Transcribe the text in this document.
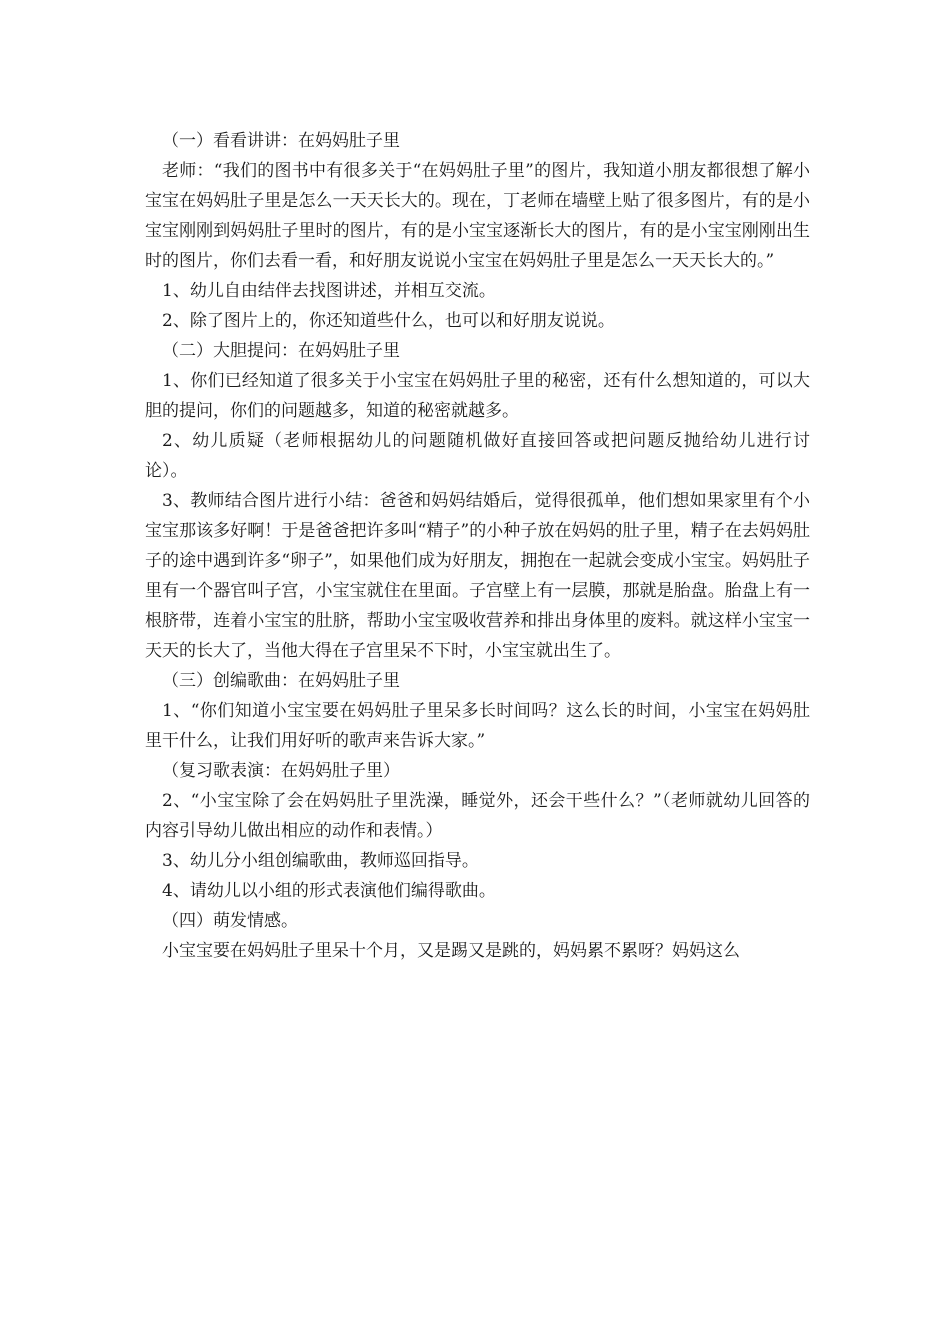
（一）看看讲讲：在妈妈肚子里

老师：“我们的图书中有很多关于“在妈妈肚子里”的图片，我知道小朋友都很想了解小宝宝在妈妈肚子里是怎么一天天长大的。现在，丁老师在墙壁上贴了很多图片，有的是小宝宝刚刚到妈妈肚子里时的图片，有的是小宝宝逐渐长大的图片，有的是小宝宝刚刚出生时的图片，你们去看一看，和好朋友说说小宝宝在妈妈肚子里是怎么一天天长大的。”

1、幼儿自由结伴去找图讲述，并相互交流。

2、除了图片上的，你还知道些什么，也可以和好朋友说说。

（二）大胆提问：在妈妈肚子里

1、你们已经知道了很多关于小宝宝在妈妈肚子里的秘密，还有什么想知道的，可以大胆的提问，你们的问题越多，知道的秘密就越多。

2、幼儿质疑（老师根据幼儿的问题随机做好直接回答或把问题反抛给幼儿进行讨论）。

3、教师结合图片进行小结：爸爸和妈妈结婚后，觉得很孤单，他们想如果家里有个小宝宝那该多好啊！于是爸爸把许多叫“精子”的小种子放在妈妈的肚子里，精子在去妈妈肚子的途中遇到许多“卵子”，如果他们成为好朋友，拥抱在一起就会变成小宝宝。妈妈肚子里有一个器官叫子宫，小宝宝就住在里面。子宫壁上有一层膜，那就是胎盘。胎盘上有一根脐带，连着小宝宝的肚脐，帮助小宝宝吸收营养和排出身体里的废料。就这样小宝宝一天天的长大了，当他大得在子宫里呆不下时，小宝宝就出生了。

（三）创编歌曲：在妈妈肚子里

1、“你们知道小宝宝要在妈妈肚子里呆多长时间吗？这么长的时间，小宝宝在妈妈肚里干什么，让我们用好听的歌声来告诉大家。”

（复习歌表演：在妈妈肚子里）

2、“小宝宝除了会在妈妈肚子里洗澡，睡觉外，还会干些什么？”（老师就幼儿回答的内容引导幼儿做出相应的动作和表情。）

3、幼儿分小组创编歌曲，教师巡回指导。

4、请幼儿以小组的形式表演他们编得歌曲。

（四）萌发情感。

小宝宝要在妈妈肚子里呆十个月，又是踢又是跳的，妈妈累不累呀？妈妈这么
